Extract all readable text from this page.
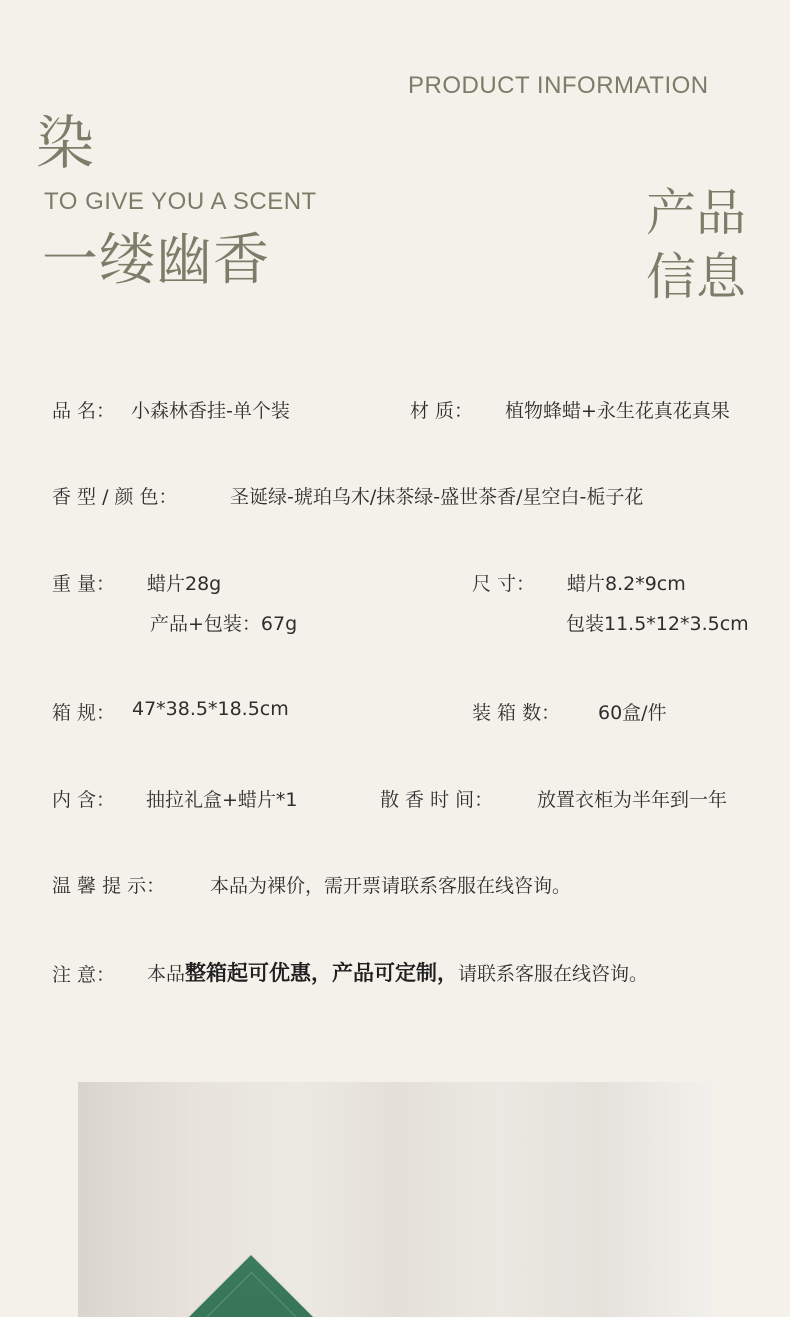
PRODUCT INFORMATION
染
TO GIVE YOU A SCENT
一缕幽香
产品
信息
品 名： 小森林香挂-单个装	材 质： 植物蜂蜡+永生花真花真果
香 型 / 颜 色：	圣诞绿-琥珀乌木/抹茶绿-盛世茶香/星空白-栀子花
重 量： 蜡片28g
产品+包装：67g
尺 寸： 蜡片8.2*9cm
包装11.5*12*3.5cm
箱 规： 47*38.5*18.5cm	装 箱 数： 60盒/件
内 含： 抽拉礼盒+蜡片*1	散 香 时 间： 放置衣柜为半年到一年
温 馨 提 示： 本品为裸价，需开票请联系客服在线咨询。
注 意： 本品整箱起可优惠，产品可定制，请联系客服在线咨询。
